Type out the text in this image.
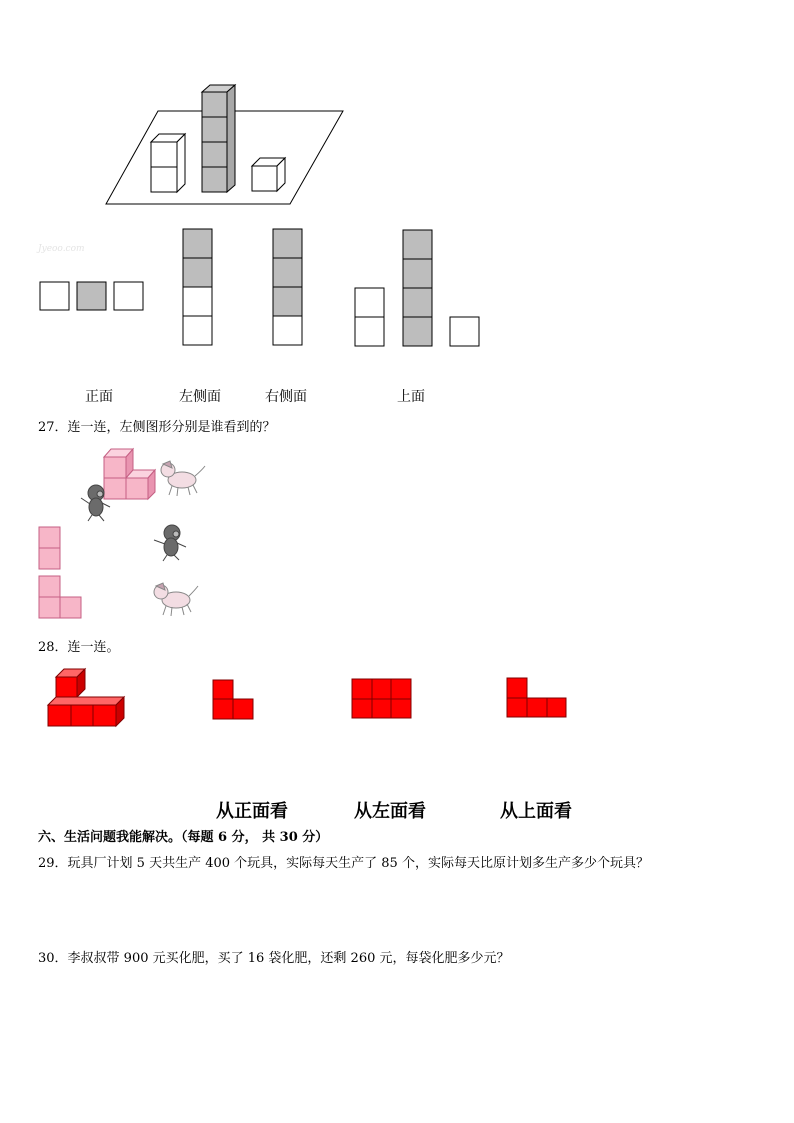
Jyeoo.com
正面	左侧面	右侧面	上面
27．连一连，左侧图形分别是谁看到的？
28．连一连。
从正面看	从左面看	从上面看
六、生活问题我能解决。（每题 6 分， 共 30 分）
29．玩具厂计划 5 天共生产 400 个玩具，实际每天生产了 85 个，实际每天比原计划多生产多少个玩具？
30．李叔叔带 900 元买化肥，买了 16 袋化肥，还剩 260 元，每袋化肥多少元？
